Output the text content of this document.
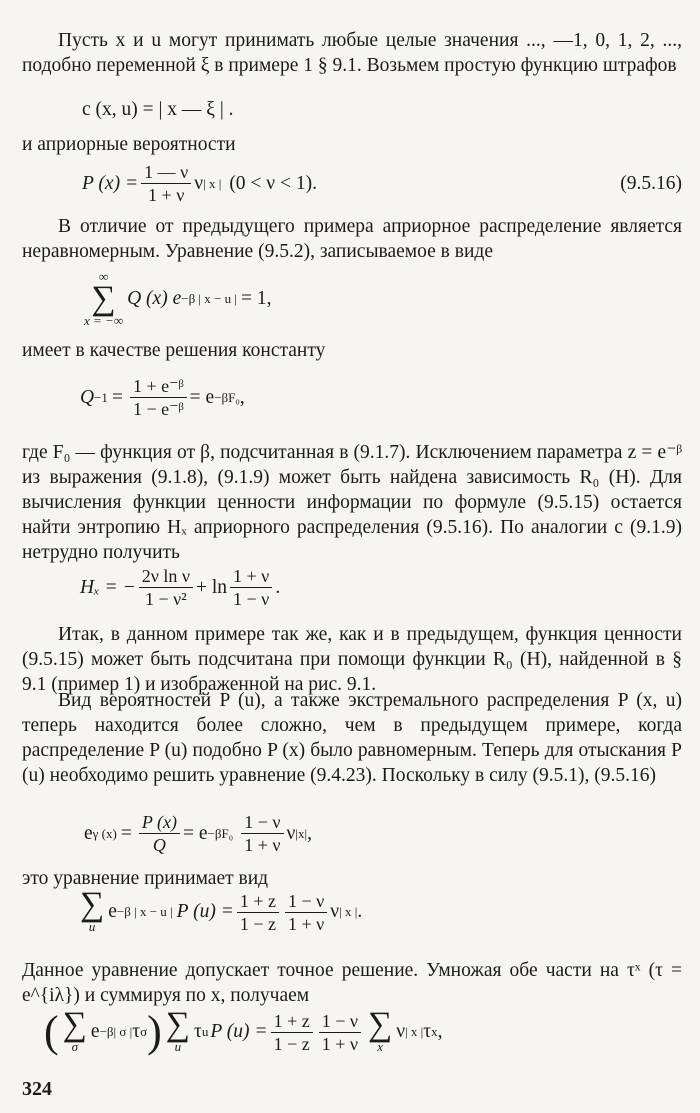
Пусть x и u могут принимать любые целые значения ..., —1, 0, 1, 2, ..., подобно переменной ξ в примере 1 § 9.1. Возьмем простую функцию штрафов

c (x, u) = | x — ξ | .

и априорные вероятности

P $(x) = \frac{1 — \nu}{1 + \nu}$ ν | x | (0 < ν < 1).	(9.5.16)

В отличие от предыдущего примера априорное распределение является неравномерным. Уравнение (9.5.2), записываемое в виде

∞
∑
x = −∞
Q (x) e −β | x − u | = 1,

имеет в качестве решения константу

$Q -1 = \frac{\text{1 + e⁻ᵝ}}{\text{1 − e⁻ᵝ}} = e -\beta F_0$ ,

где F₀ — функция от β, подсчитанная в (9.1.7). Исключением параметра z = e⁻ᵝ из выражения (9.1.8), (9.1.9) может быть найдена зависимость R₀ (H). Для вычисления функции ценности информации по формуле (9.5.15) остается найти энтропию Hₓ априорного распределения (9.5.16). По аналогии с (9.1.9) нетрудно получить

Hₓ = − $\frac{\text{2ν ln ν}}{\text{1 − ν²}} + \ln \frac{1 + \nu}{1 - \nu}$ .

Итак, в данном примере так же, как и в предыдущем, функция ценности (9.5.15) может быть подсчитана при помощи функции R₀ (H), найденной в § 9.1 (пример 1) и изображенной на рис. 9.1.

Вид вероятностей P (u), а также экстремального распределения P (x, u) теперь находится более сложно, чем в предыдущем примере, когда распределение P (u) подобно P (x) было равномерным. Теперь для отыскания P (u) необходимо решить уравнение (9.4.23). Поскольку в силу (9.5.1), (9.5.16)

e γ $(x) = \frac{P (x)}{Q} = e -\beta F_0 \frac{1 - \nu}{1 + \nu}$ ν |x| ,

это уравнение принимает вид

∑
u
e −β | x − u | P $(u) = \frac{1 + z}{1 - z} \frac{1 - \nu}{1 + \nu}$ ν | x | .

Данное уравнение допускает точное решение. Умножая обе части на τˣ (τ = e^{iλ}) и суммируя по x, получаем

( ∑
σ
e −β| σ | τ σ ) ∑
u
τ u P $(u) = \frac{1 + z}{1 - z} \frac{1 - \nu}{1 + \nu}$ ∑
x
ν | x | τ x ,
324
